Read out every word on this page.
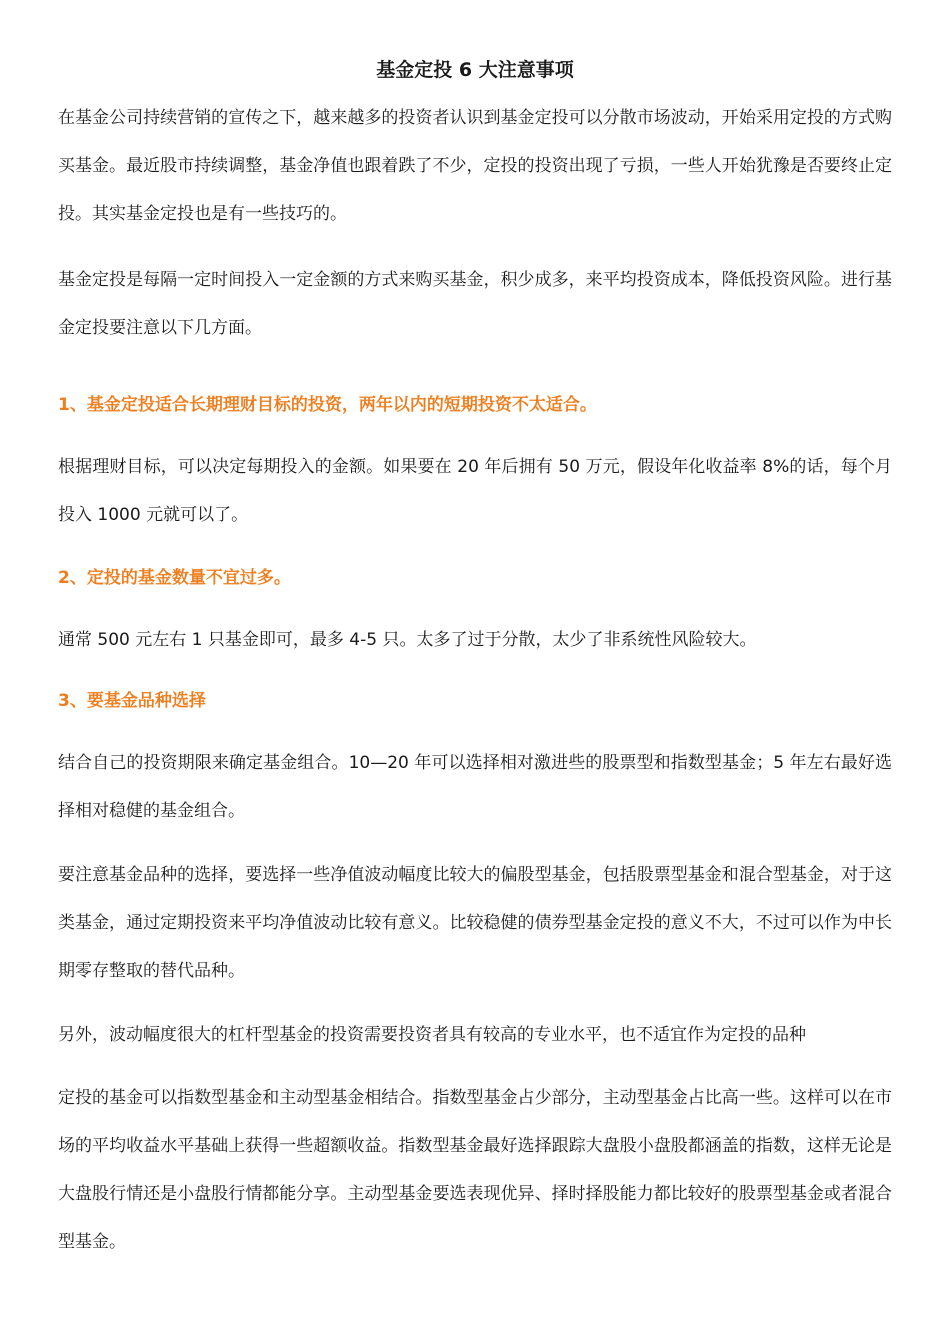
基金定投 6 大注意事项

在基金公司持续营销的宣传之下，越来越多的投资者认识到基金定投可以分散市场波动，开始采用定投的方式购买基金。最近股市持续调整，基金净值也跟着跌了不少，定投的投资出现了亏损，一些人开始犹豫是否要终止定投。其实基金定投也是有一些技巧的。

基金定投是每隔一定时间投入一定金额的方式来购买基金，积少成多，来平均投资成本，降低投资风险。进行基金定投要注意以下几方面。

1、基金定投适合长期理财目标的投资，两年以内的短期投资不太适合。

根据理财目标，可以决定每期投入的金额。如果要在 20 年后拥有 50 万元，假设年化收益率 8%的话，每个月投入 1000 元就可以了。

2、定投的基金数量不宜过多。

通常 500 元左右 1 只基金即可，最多 4-5 只。太多了过于分散，太少了非系统性风险较大。

3、要基金品种选择

结合自己的投资期限来确定基金组合。10—20 年可以选择相对激进些的股票型和指数型基金；5 年左右最好选择相对稳健的基金组合。

要注意基金品种的选择，要选择一些净值波动幅度比较大的偏股型基金，包括股票型基金和混合型基金，对于这类基金，通过定期投资来平均净值波动比较有意义。比较稳健的债券型基金定投的意义不大，不过可以作为中长期零存整取的替代品种。

另外，波动幅度很大的杠杆型基金的投资需要投资者具有较高的专业水平，也不适宜作为定投的品种

定投的基金可以指数型基金和主动型基金相结合。指数型基金占少部分，主动型基金占比高一些。这样可以在市场的平均收益水平基础上获得一些超额收益。指数型基金最好选择跟踪大盘股小盘股都涵盖的指数，这样无论是大盘股行情还是小盘股行情都能分享。主动型基金要选表现优异、择时择股能力都比较好的股票型基金或者混合型基金。
